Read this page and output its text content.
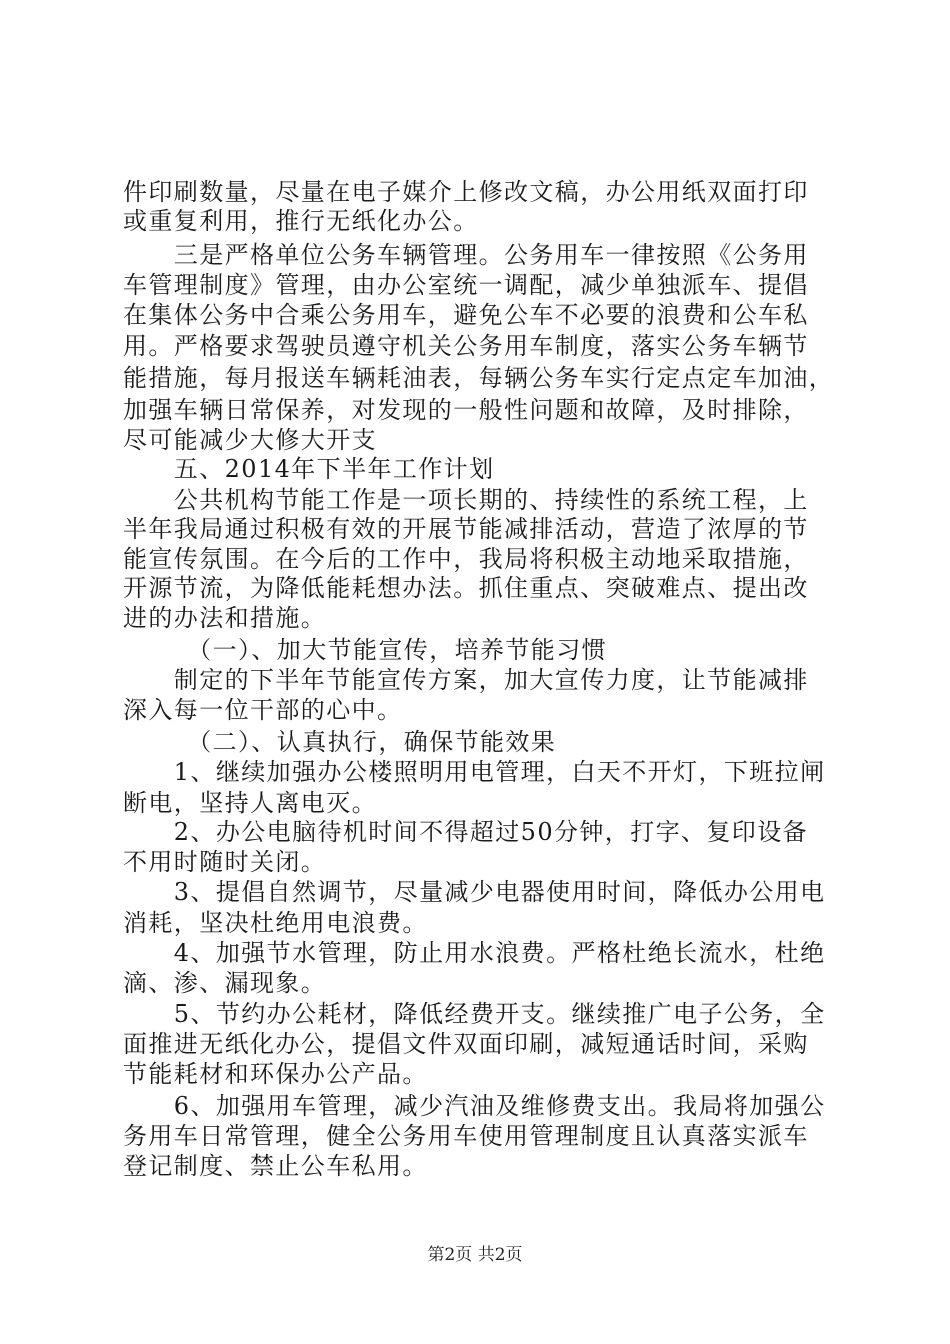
件印刷数量，尽量在电子媒介上修改文稿，办公用纸双面打印
或重复利用，推行无纸化办公。
　　三是严格单位公务车辆管理。公务用车一律按照《公务用
车管理制度》管理，由办公室统一调配，减少单独派车、提倡
在集体公务中合乘公务用车，避免公车不必要的浪费和公车私
用。严格要求驾驶员遵守机关公务用车制度，落实公务车辆节
能措施，每月报送车辆耗油表，每辆公务车实行定点定车加油，
加强车辆日常保养，对发现的一般性问题和故障，及时排除，
尽可能减少大修大开支
　　五、2014年下半年工作计划
　　公共机构节能工作是一项长期的、持续性的系统工程，上
半年我局通过积极有效的开展节能减排活动，营造了浓厚的节
能宣传氛围。在今后的工作中，我局将积极主动地采取措施，
开源节流，为降低能耗想办法。抓住重点、突破难点、提出改
进的办法和措施。
　　　（一）、加大节能宣传，培养节能习惯
　　制定的下半年节能宣传方案，加大宣传力度，让节能减排
深入每一位干部的心中。
　　　（二）、认真执行，确保节能效果
　　1、继续加强办公楼照明用电管理，白天不开灯，下班拉闸
断电，坚持人离电灭。
　　2、办公电脑待机时间不得超过50分钟，打字、复印设备
不用时随时关闭。
　　3、提倡自然调节，尽量减少电器使用时间，降低办公用电
消耗，坚决杜绝用电浪费。
　　4、加强节水管理，防止用水浪费。严格杜绝长流水，杜绝
滴、渗、漏现象。
　　5、节约办公耗材，降低经费开支。继续推广电子公务，全
面推进无纸化办公，提倡文件双面印刷，减短通话时间，采购
节能耗材和环保办公产品。
　　6、加强用车管理，减少汽油及维修费支出。我局将加强公
务用车日常管理，健全公务用车使用管理制度且认真落实派车
登记制度、禁止公车私用。
第2页 共2页
